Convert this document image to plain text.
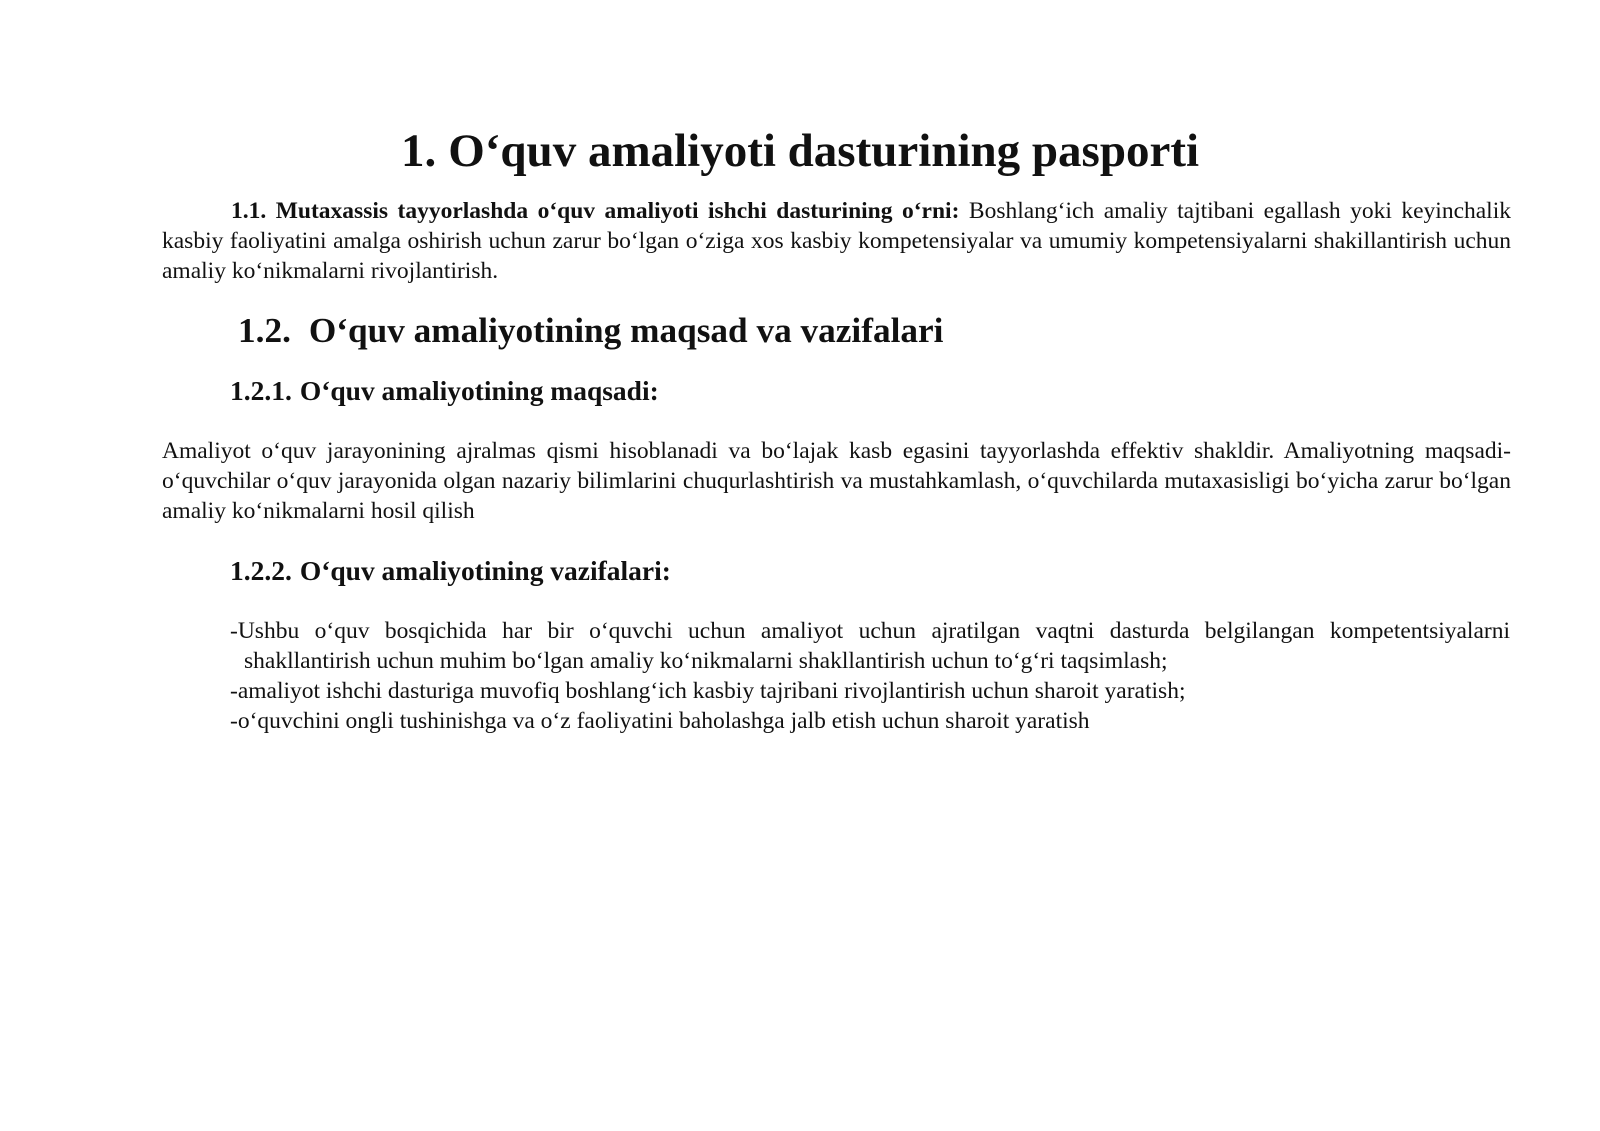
1. O‘quv amaliyoti dasturining pasporti

1.1. Mutaxassis tayyorlashda o‘quv amaliyoti ishchi dasturining o‘rni: Boshlang‘ich amaliy tajtibani egallash yoki keyinchalik kasbiy faoliyatini amalga oshirish uchun zarur bo‘lgan o‘ziga xos kasbiy kompetensiyalar va umumiy kompetensiyalarni shakillantirish uchun amaliy ko‘nikmalarni rivojlantirish.

1.2. O‘quv amaliyotining maqsad va vazifalari
1.2.1. O‘quv amaliyotining maqsadi:

Amaliyot o‘quv jarayonining ajralmas qismi hisoblanadi va bo‘lajak kasb egasini tayyorlashda effektiv shakldir. Amaliyotning maqsadi-o‘quvchilar o‘quv jarayonida olgan nazariy bilimlarini chuqurlashtirish va mustahkamlash, o‘quvchilarda mutaxasisligi bo‘yicha zarur bo‘lgan amaliy ko‘nikmalarni hosil qilish

1.2.2. O‘quv amaliyotining vazifalari:
-Ushbu o‘quv bosqichida har bir o‘quvchi uchun amaliyot uchun ajratilgan vaqtni dasturda belgilangan kompetentsiyalarni shakllantirish uchun muhim bo‘lgan amaliy ko‘nikmalarni shakllantirish uchun to‘g‘ri taqsimlash;
-amaliyot ishchi dasturiga muvofiq boshlang‘ich kasbiy tajribani rivojlantirish uchun sharoit yaratish;
-o‘quvchini ongli tushinishga va o‘z faoliyatini baholashga jalb etish uchun sharoit yaratish
